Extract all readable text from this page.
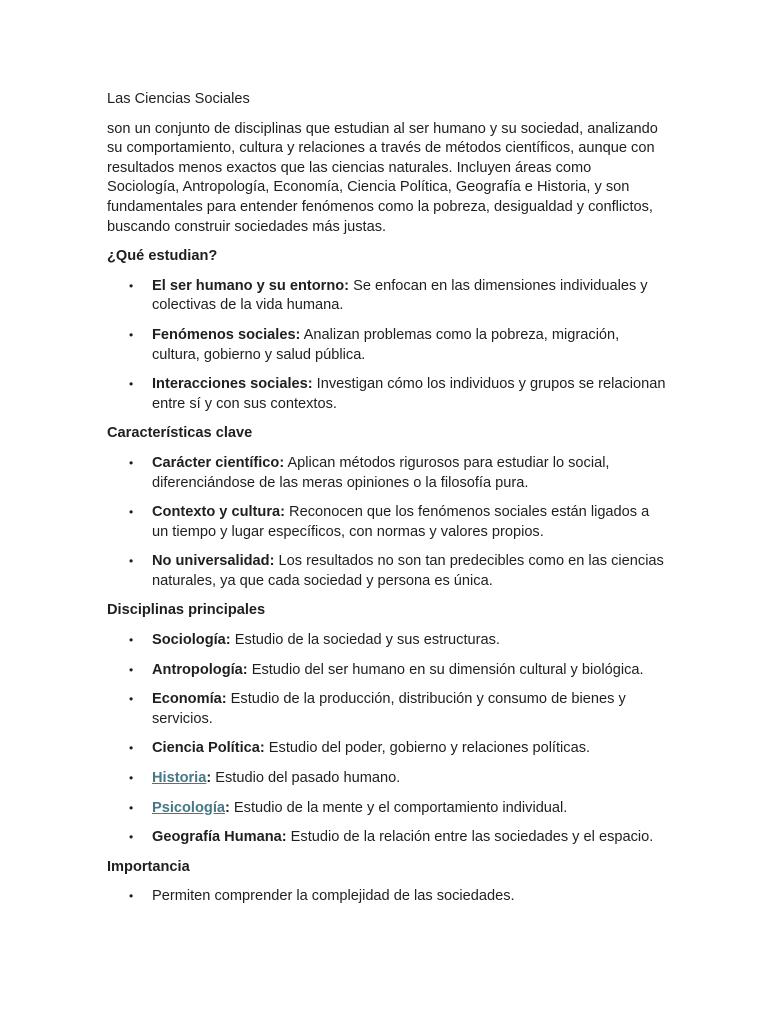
Las Ciencias Sociales

son un conjunto de disciplinas que estudian al ser humano y su sociedad, analizando su comportamiento, cultura y relaciones a través de métodos científicos, aunque con resultados menos exactos que las ciencias naturales. Incluyen áreas como Sociología, Antropología, Economía, Ciencia Política, Geografía e Historia, y son fundamentales para entender fenómenos como la pobreza, desigualdad y conflictos, buscando construir sociedades más justas.

¿Qué estudian?

• El ser humano y su entorno: Se enfocan en las dimensiones individuales y colectivas de la vida humana.
• Fenómenos sociales: Analizan problemas como la pobreza, migración, cultura, gobierno y salud pública.
• Interacciones sociales: Investigan cómo los individuos y grupos se relacionan entre sí y con sus contextos.

Características clave

• Carácter científico: Aplican métodos rigurosos para estudiar lo social, diferenciándose de las meras opiniones o la filosofía pura.
• Contexto y cultura: Reconocen que los fenómenos sociales están ligados a un tiempo y lugar específicos, con normas y valores propios.
• No universalidad: Los resultados no son tan predecibles como en las ciencias naturales, ya que cada sociedad y persona es única.

Disciplinas principales

• Sociología: Estudio de la sociedad y sus estructuras.
• Antropología: Estudio del ser humano en su dimensión cultural y biológica.
• Economía: Estudio de la producción, distribución y consumo de bienes y servicios.
• Ciencia Política: Estudio del poder, gobierno y relaciones políticas.
• Historia: Estudio del pasado humano.
• Psicología: Estudio de la mente y el comportamiento individual.
• Geografía Humana: Estudio de la relación entre las sociedades y el espacio.

Importancia

• Permiten comprender la complejidad de las sociedades.
